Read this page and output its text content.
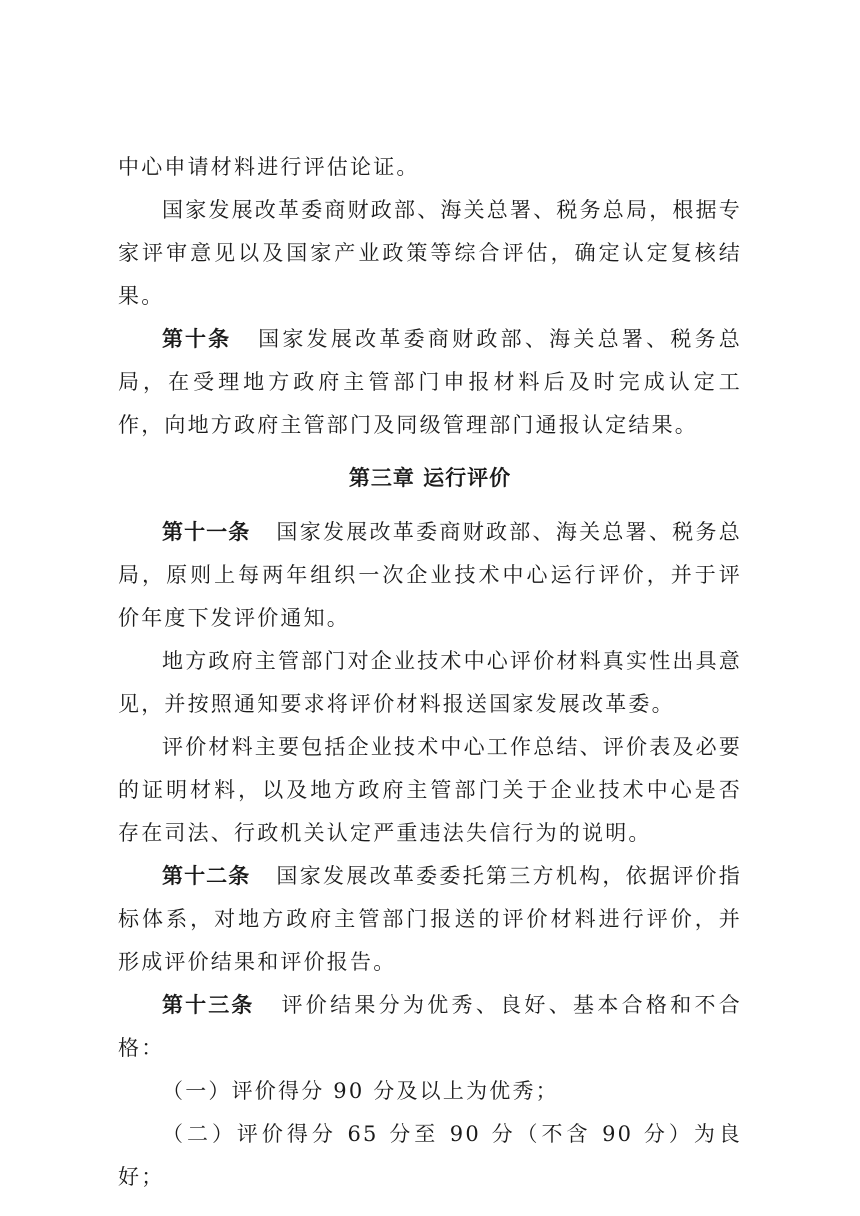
中心申请材料进行评估论证。

国家发展改革委商财政部、海关总署、税务总局，根据专家评审意见以及国家产业政策等综合评估，确定认定复核结果。

第十条 国家发展改革委商财政部、海关总署、税务总局，在受理地方政府主管部门申报材料后及时完成认定工作，向地方政府主管部门及同级管理部门通报认定结果。

第三章 运行评价

第十一条 国家发展改革委商财政部、海关总署、税务总局，原则上每两年组织一次企业技术中心运行评价，并于评价年度下发评价通知。

地方政府主管部门对企业技术中心评价材料真实性出具意见，并按照通知要求将评价材料报送国家发展改革委。

评价材料主要包括企业技术中心工作总结、评价表及必要的证明材料，以及地方政府主管部门关于企业技术中心是否存在司法、行政机关认定严重违法失信行为的说明。

第十二条 国家发展改革委委托第三方机构，依据评价指标体系，对地方政府主管部门报送的评价材料进行评价，并形成评价结果和评价报告。

第十三条 评价结果分为优秀、良好、基本合格和不合格：

（一）评价得分 90 分及以上为优秀；

（二）评价得分 65 分至 90 分（不含 90 分）为良好；
